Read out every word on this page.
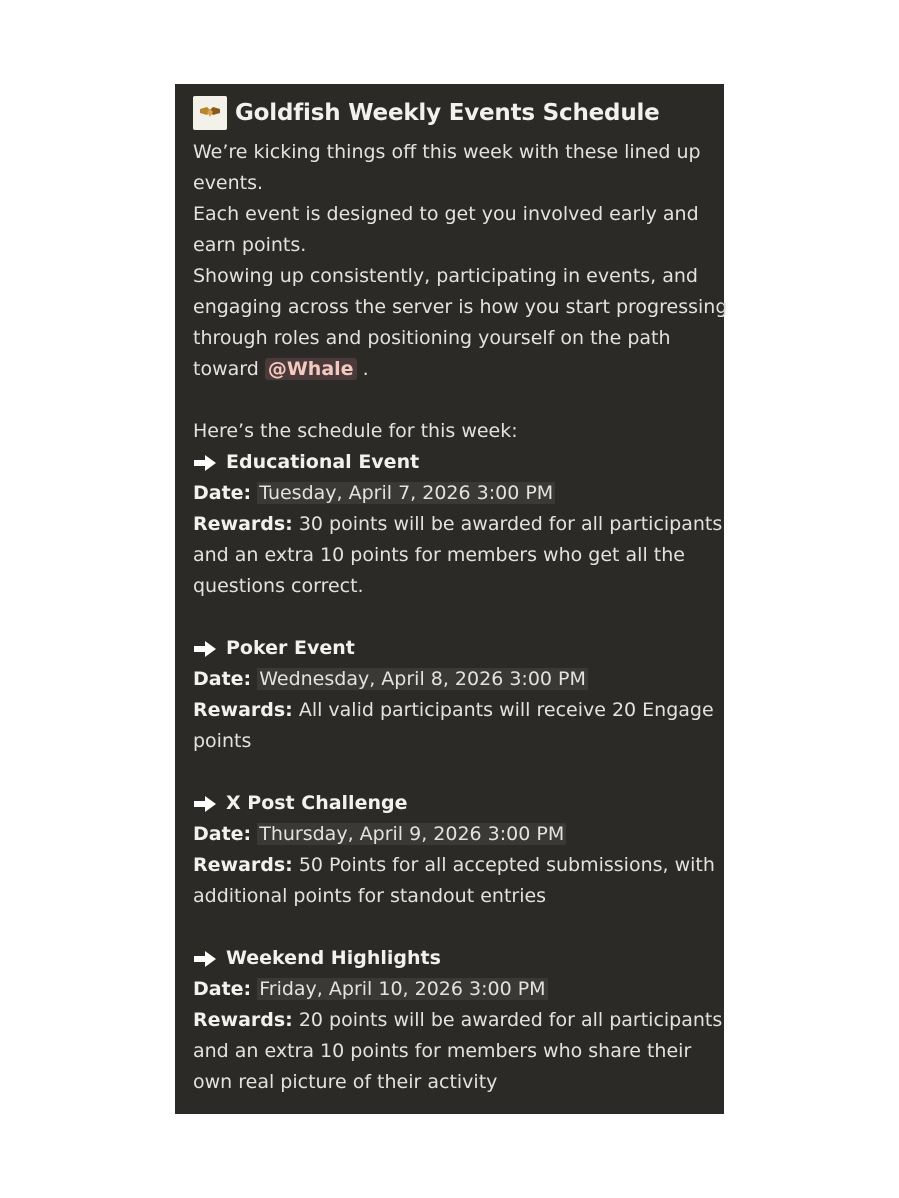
Goldfish Weekly Events Schedule
We’re kicking things off this week with these lined up
events.
Each event is designed to get you involved early and
earn points.
Showing up consistently, participating in events, and
engaging across the server is how you start progressing
through roles and positioning yourself on the path
toward @Whale .
Here’s the schedule for this week:
Educational Event
Date: Tuesday, April 7, 2026 3:00 PM
Rewards: 30 points will be awarded for all participants
and an extra 10 points for members who get all the
questions correct.
Poker Event
Date: Wednesday, April 8, 2026 3:00 PM
Rewards: All valid participants will receive 20 Engage
points
X Post Challenge
Date: Thursday, April 9, 2026 3:00 PM
Rewards: 50 Points for all accepted submissions, with
additional points for standout entries
Weekend Highlights
Date: Friday, April 10, 2026 3:00 PM
Rewards: 20 points will be awarded for all participants
and an extra 10 points for members who share their
own real picture of their activity
